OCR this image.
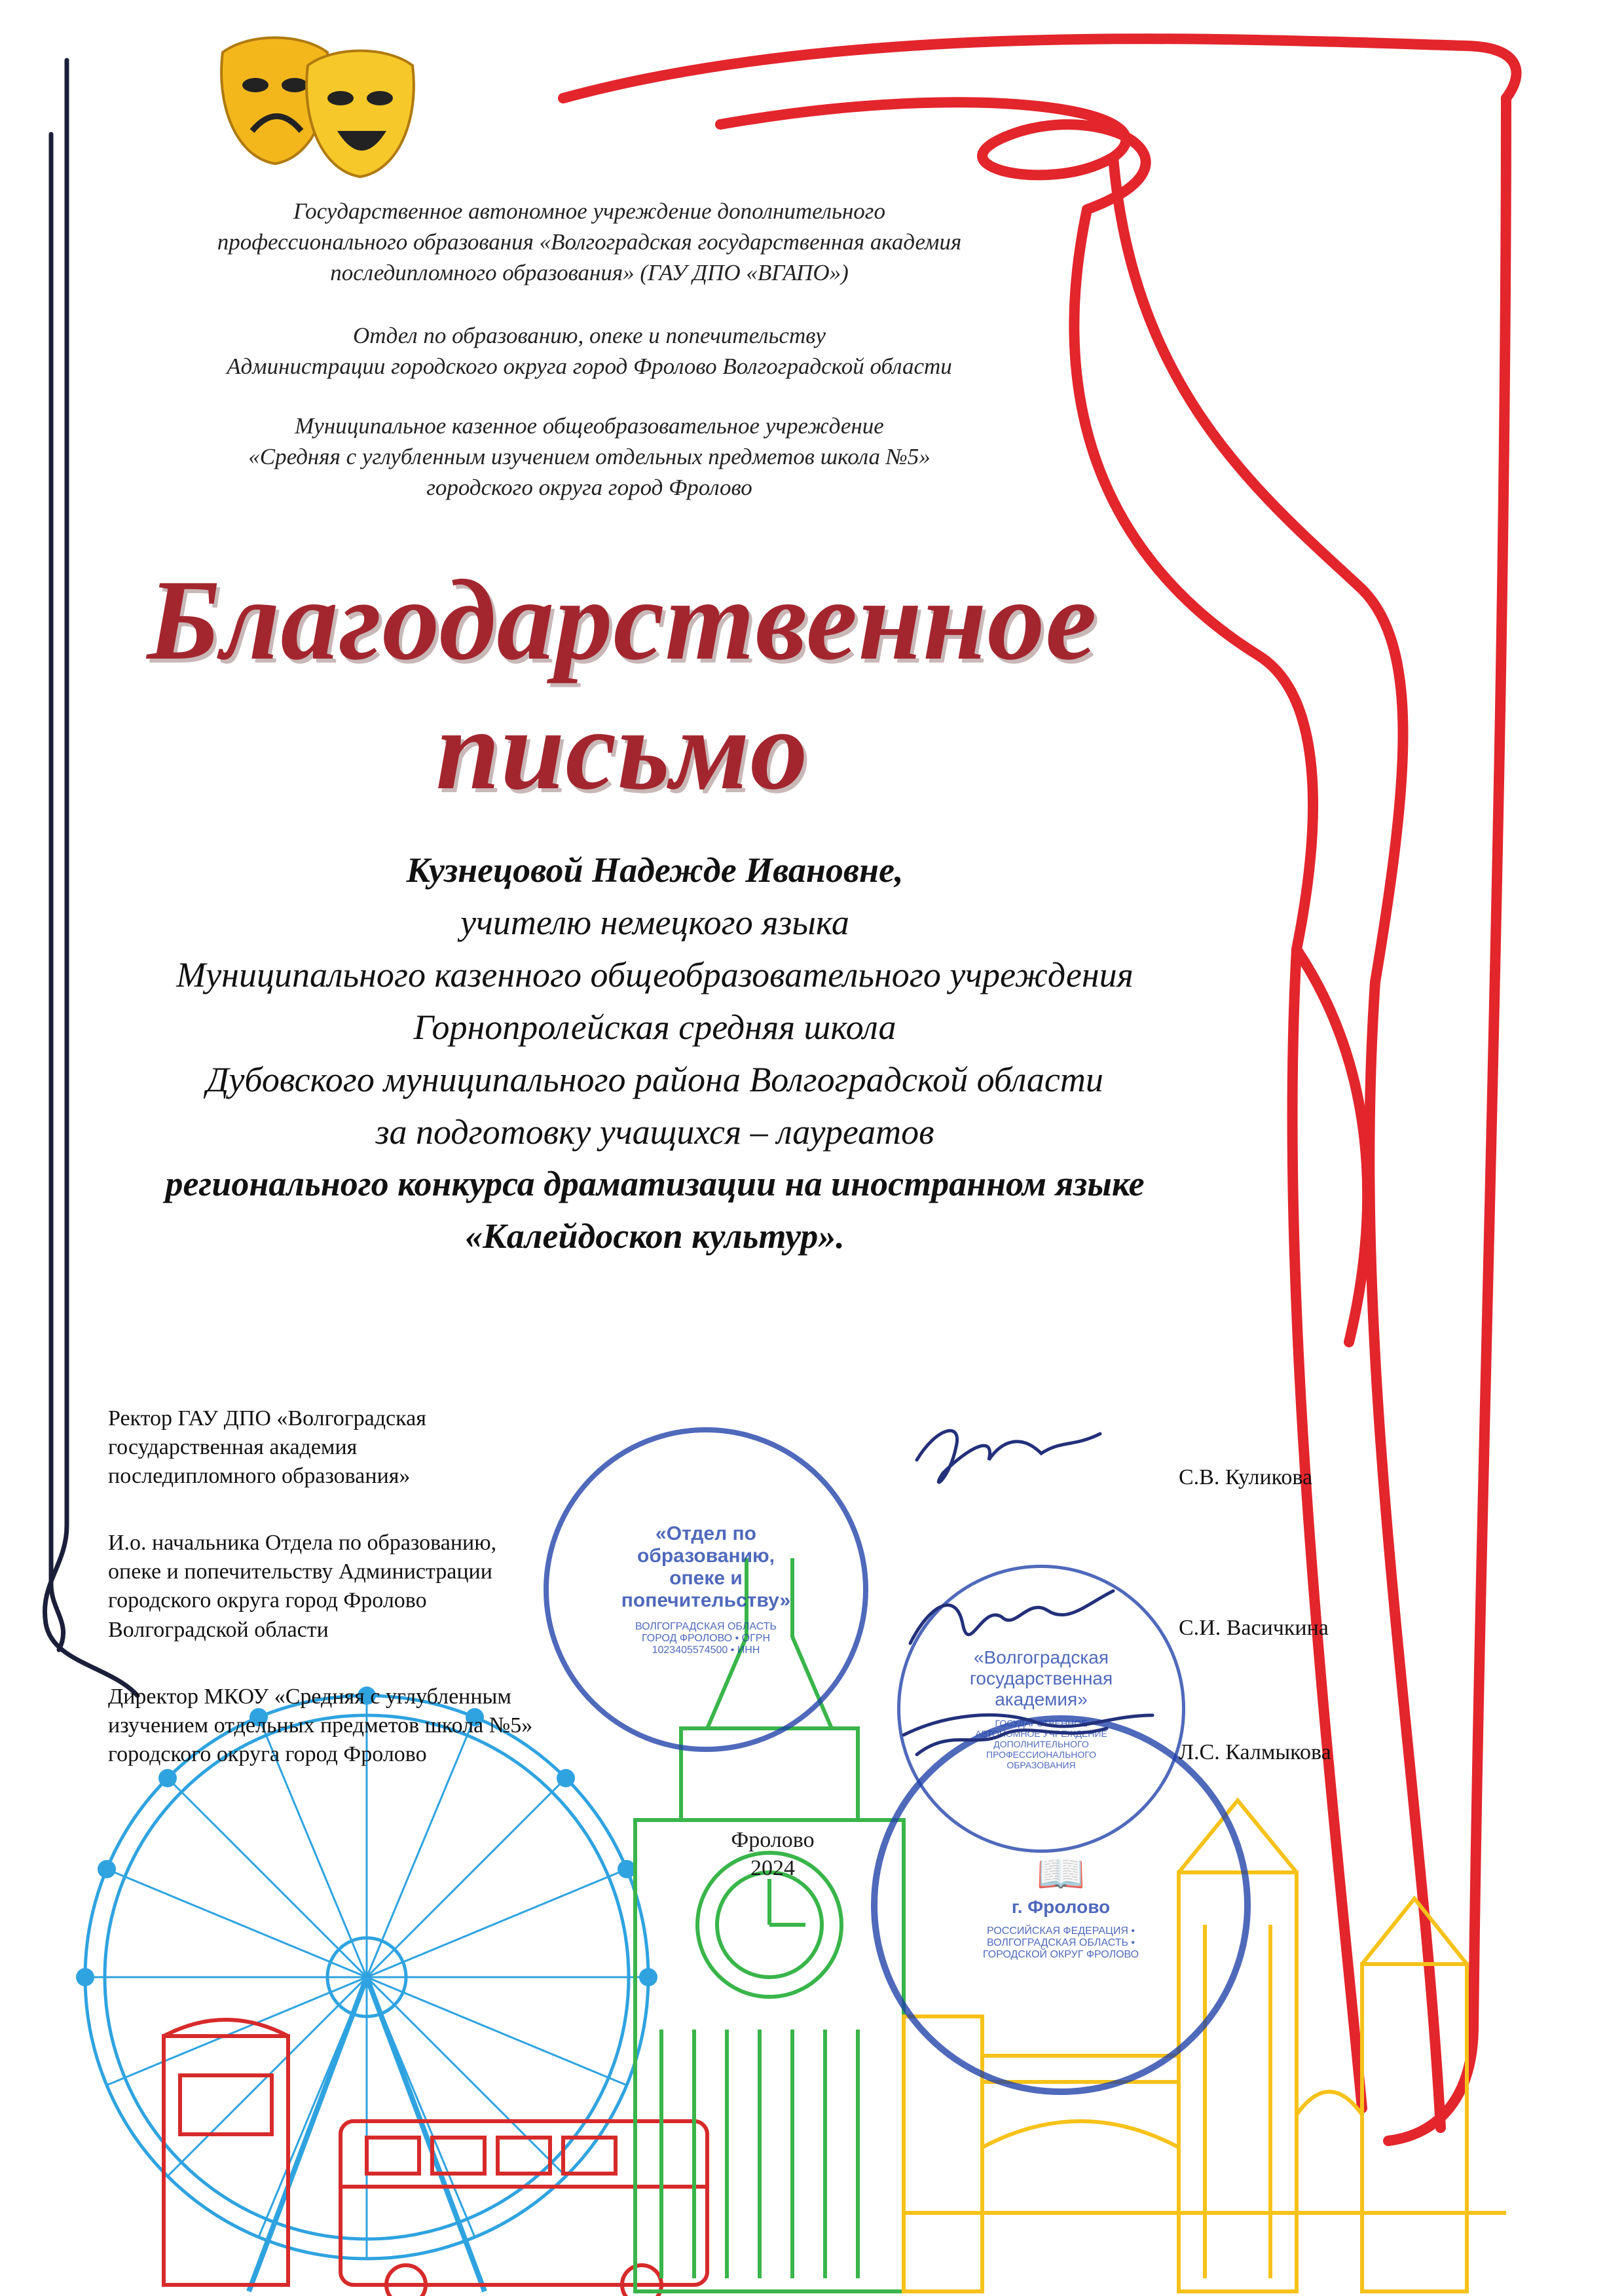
Государственное автономное учреждение дополнительного
профессионального образования «Волгоградская государственная академия
последипломного образования» (ГАУ ДПО «ВГАПО»)
Отдел по образованию, опеке и попечительству
Администрации городского округа город Фролово Волгоградской области
Муниципальное казенное общеобразовательное учреждение
«Средняя с углубленным изучением отдельных предметов школа №5»
городского округа город Фролово
Благодарственное
письмо
Кузнецовой Надежде Ивановне,
учителю немецкого языка
Муниципального казенного общеобразовательного учреждения
Горнопролейская средняя школа
Дубовского муниципального района Волгоградской области
за подготовку учащихся – лауреатов
регионального конкурса драматизации на иностранном языке
«Калейдоскоп культур».
«Отдел по образованию, опеке и попечительству»
ВОЛГОГРАДСКАЯ ОБЛАСТЬ ГОРОД ФРОЛОВО • ОГРН 1023405574500 • ИНН	«Волгоградская государственная академия»
ГОСУДАРСТВЕННОЕ АВТОНОМНОЕ УЧРЕЖДЕНИЕ ДОПОЛНИТЕЛЬНОГО ПРОФЕССИОНАЛЬНОГО ОБРАЗОВАНИЯ
📖
г. Фролово
РОССИЙСКАЯ ФЕДЕРАЦИЯ • ВОЛГОГРАДСКАЯ ОБЛАСТЬ • ГОРОДСКОЙ ОКРУГ ФРОЛОВО
Ректор ГАУ ДПО «Волгоградская
государственная академия
последипломного образования»
И.о. начальника Отдела по образованию,
опеке и попечительству Администрации
городского округа город Фролово
Волгоградской области
Директор МКОУ «Средняя с углубленным
изучением отдельных предметов школа №5»
городского округа город Фролово
С.В. Куликова
С.И. Васичкина
Л.С. Калмыкова
Фролово
2024
